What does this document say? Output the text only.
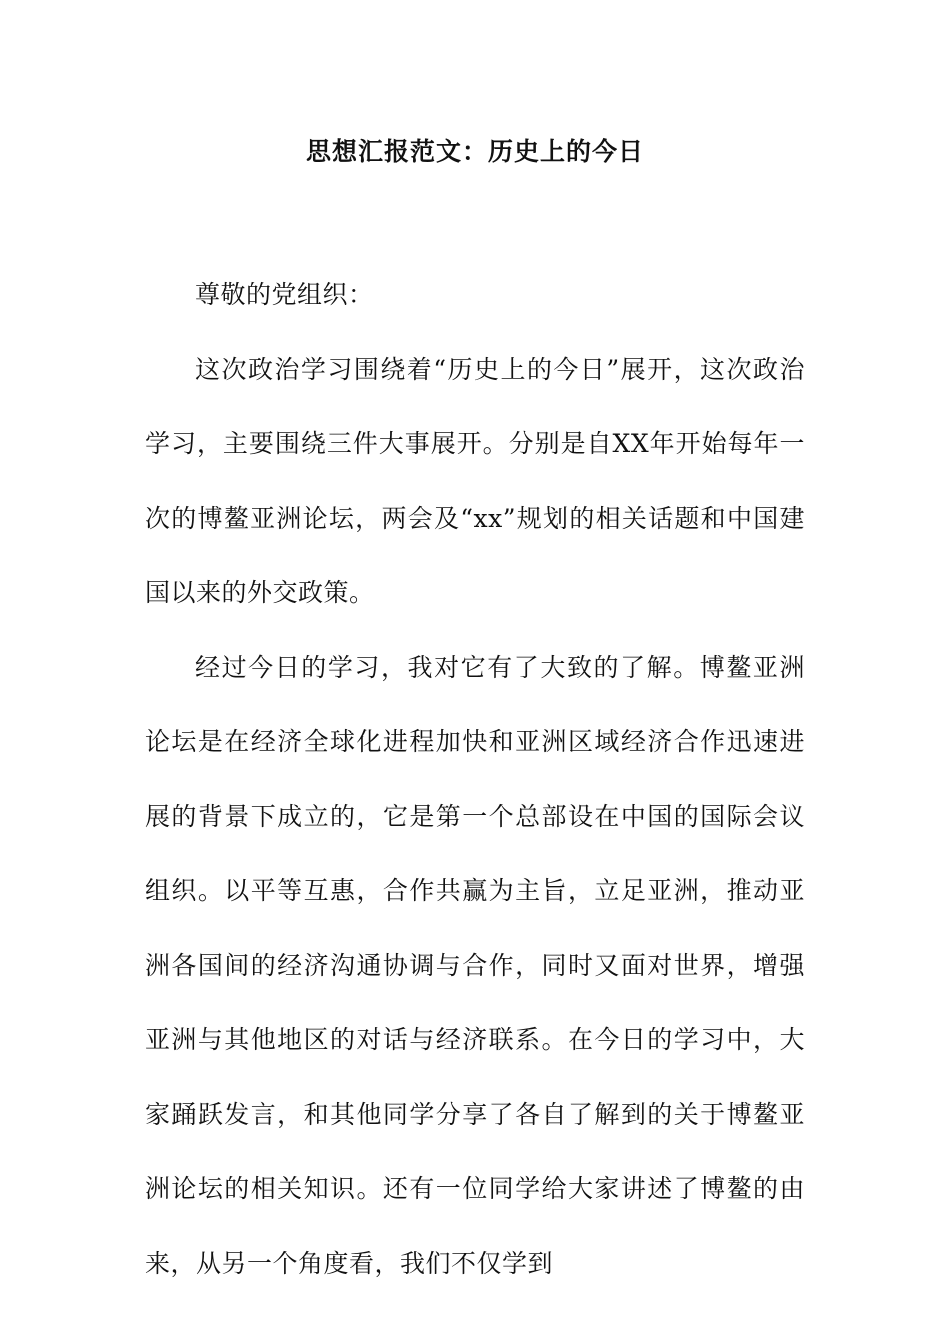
思想汇报范文：历史上的今日

尊敬的党组织：

这次政治学习围绕着“历史上的今日”展开，这次政治学习，主要围绕三件大事展开。分别是自XX年开始每年一次的博鳌亚洲论坛，两会及“xx”规划的相关话题和中国建国以来的外交政策。

经过今日的学习，我对它有了大致的了解。博鳌亚洲论坛是在经济全球化进程加快和亚洲区域经济合作迅速进展的背景下成立的，它是第一个总部设在中国的国际会议组织。以平等互惠，合作共赢为主旨，立足亚洲，推动亚洲各国间的经济沟通协调与合作，同时又面对世界，增强亚洲与其他地区的对话与经济联系。在今日的学习中，大家踊跃发言，和其他同学分享了各自了解到的关于博鳌亚洲论坛的相关知识。还有一位同学给大家讲述了博鳌的由来，从另一个角度看，我们不仅学到
